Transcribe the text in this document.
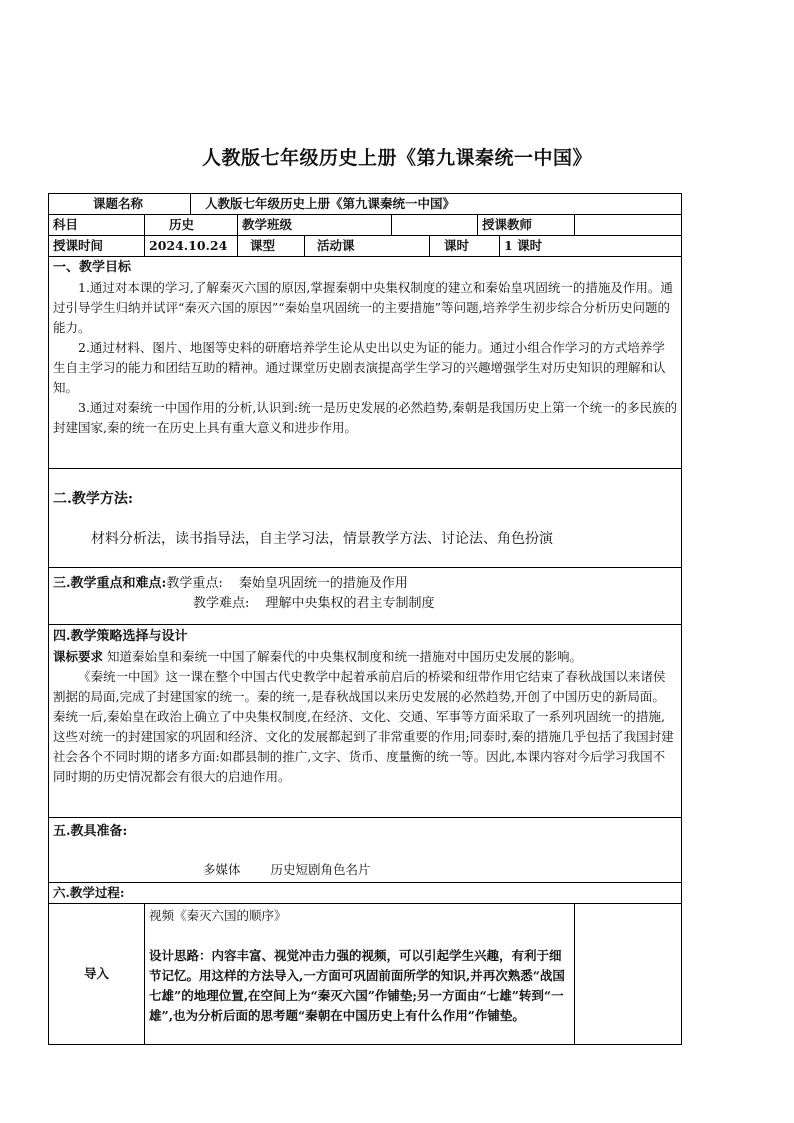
人教版七年级历史上册《第九课秦统一中国》
课题名称		人教版七年级历史上册《第九课秦统一中国》							
科目	历史		教学班级				授课教师		
授课时间	2024.10.24		课型	活动课		课时		1 课时	

一、教学目标

1.通过对本课的学习,了解秦灭六国的原因,掌握秦朝中央集权制度的建立和秦始皇巩固统一的措施及作用。通过引导学生归纳并试评“秦灭六国的原因”“秦始皇巩固统一的主要措施”等问题,培养学生初步综合分析历史问题的能力。

2.通过材料、图片、地图等史料的研磨培养学生论从史出以史为证的能力。通过小组合作学习的方式培养学生自主学习的能力和团结互助的精神。通过课堂历史剧表演提高学生学习的兴趣增强学生对历史知识的理解和认知。

3.通过对秦统一中国作用的分析,认识到:统一是历史发展的必然趋势,秦朝是我国历史上第一个统一的多民族的封建国家,秦的统一在历史上具有重大意义和进步作用。									

二.教学方法:

材料分析法，读书指导法，自主学习法，情景教学方法、讨论法、角色扮演									

三.教学重点和难点:教学重点: 秦始皇巩固统一的措施及作用
教学难点: 理解中央集权的君主专制制度									

四.教学策略选择与设计

课标要求 知道秦始皇和秦统一中国了解秦代的中央集权制度和统一措施对中国历史发展的影响。

《秦统一中国》这一课在整个中国古代史教学中起着承前启后的桥梁和纽带作用它结束了春秋战国以来诸侯割据的局面,完成了封建国家的统一。秦的统一,是春秋战国以来历史发展的必然趋势,开创了中国历史的新局面。秦统一后,秦始皇在政治上确立了中央集权制度,在经济、文化、交通、军事等方面采取了一系列巩固统一的措施,这些对统一的封建国家的巩固和经济、文化的发展都起到了非常重要的作用;同泰时,秦的措施几乎包括了我国封建社会各个不同时期的诸多方面:如郡县制的推广,文字、货币、度量衡的统一等。因此,本课内容对今后学习我国不同时期的历史情况都会有很大的启迪作用。									

五.教具准备:

多媒体 历史短剧角色名片									

六.教学过程:									
导入	视频《秦灭六国的顺序》

设计思路：内容丰富、视觉冲击力强的视频，可以引起学生兴趣，有利于细节记忆。用这样的方法导入,一方面可巩固前面所学的知识,并再次熟悉“战国七雄”的地理位置,在空间上为“秦灭六国”作铺垫;另一方面由“七雄”转到“一雄”,也为分析后面的思考题“秦朝在中国历史上有什么作用”作铺垫。								
